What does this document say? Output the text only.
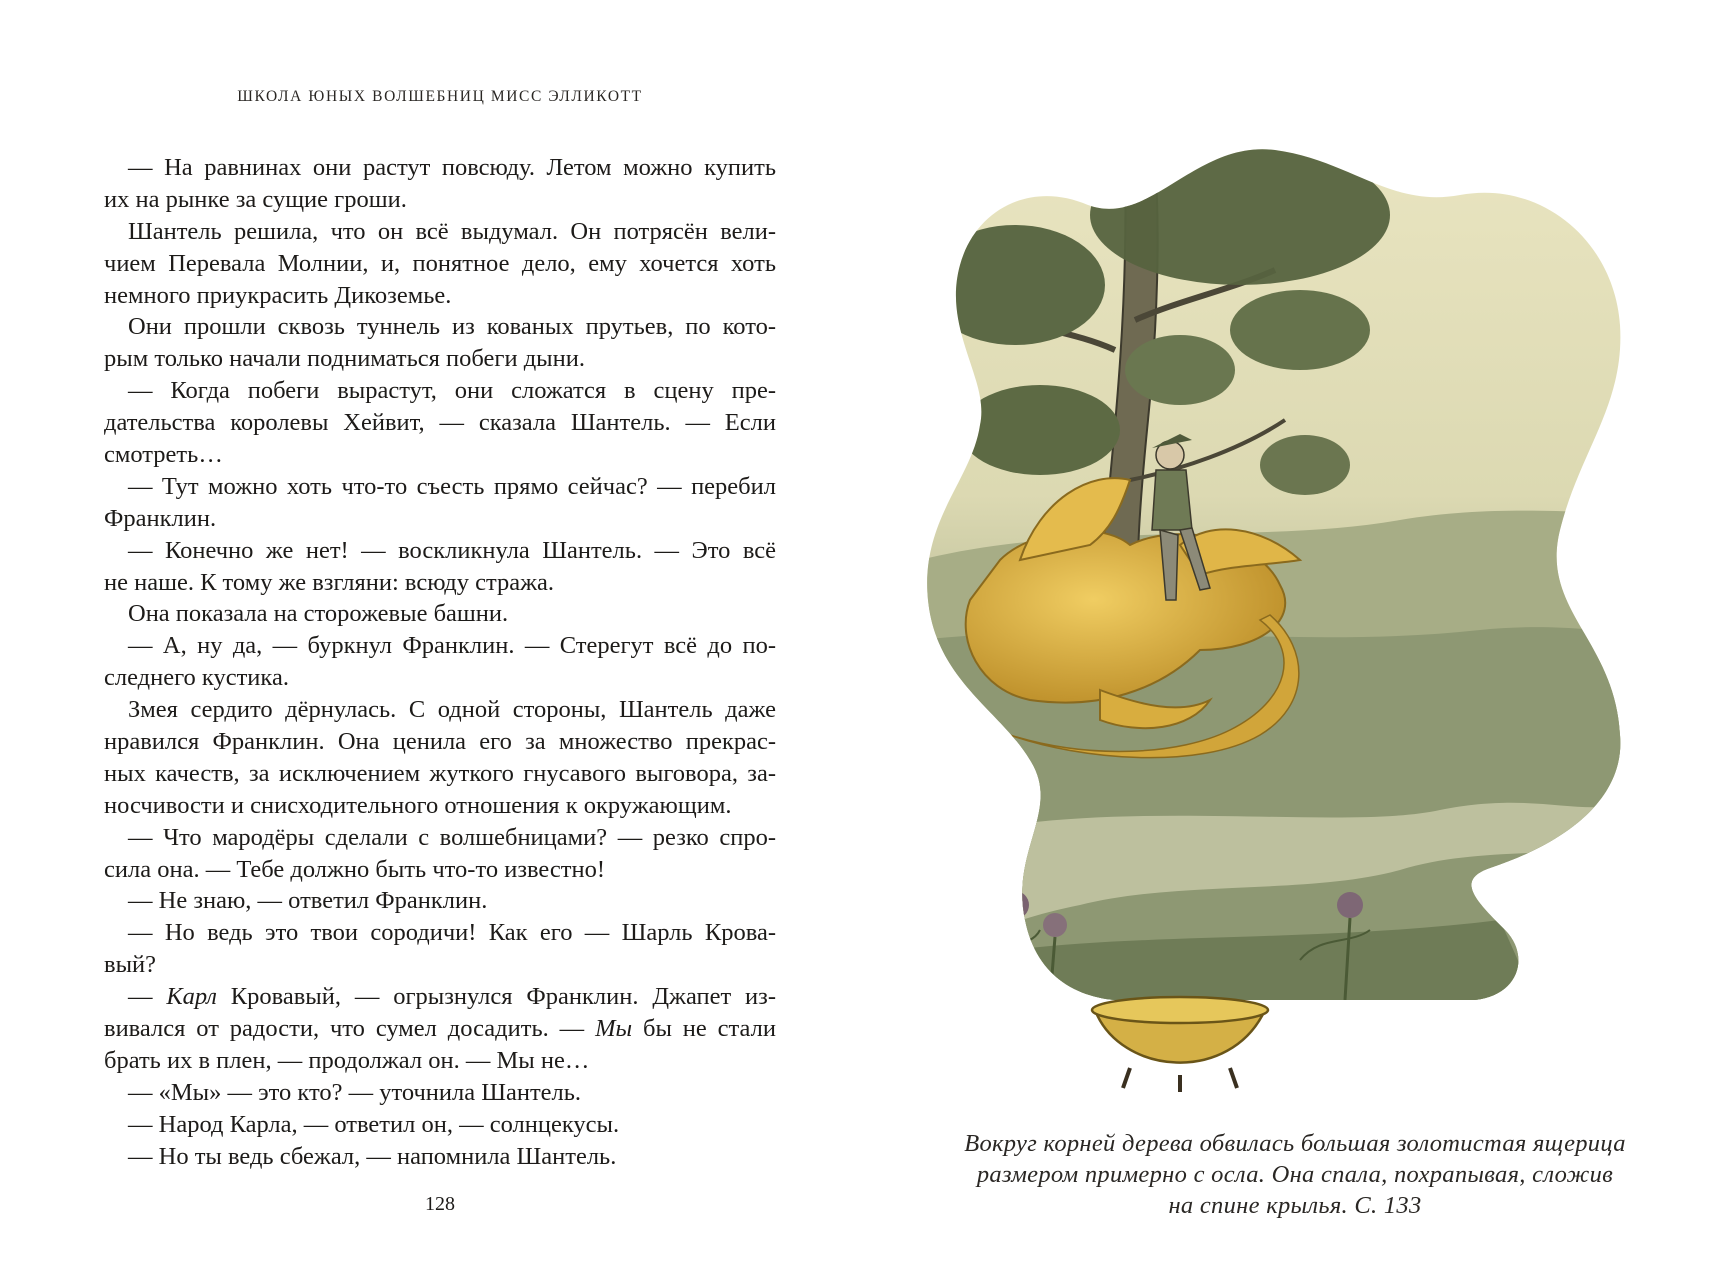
ШКОЛА ЮНЫХ ВОЛШЕБНИЦ МИСС ЭЛЛИКОТТ
— На равнинах они растут повсюду. Летом можно купить
их на рынке за сущие гроши.
Шантель решила, что он всё выдумал. Он потрясён вели-
чием Перевала Молнии, и, понятное дело, ему хочется хоть
немного приукрасить Дикоземье.
Они прошли сквозь туннель из кованых прутьев, по кото-
рым только начали подниматься побеги дыни.
— Когда побеги вырастут, они сложатся в сцену пре-
дательства королевы Хейвит, — сказала Шантель. — Если
смотреть…
— Тут можно хоть что-то съесть прямо сейчас? — перебил
Франклин.
— Конечно же нет! — воскликнула Шантель. — Это всё
не наше. К тому же взгляни: всюду стража.
Она показала на сторожевые башни.
— А, ну да, — буркнул Франклин. — Стерегут всё до по-
следнего кустика.
Змея сердито дёрнулась. С одной стороны, Шантель даже
нравился Франклин. Она ценила его за множество прекрас-
ных качеств, за исключением жуткого гнусавого выговора, за-
носчивости и снисходительного отношения к окружающим.
— Что мародёры сделали с волшебницами? — резко спро-
сила она. — Тебе должно быть что-то известно!
— Не знаю, — ответил Франклин.
— Но ведь это твои сородичи! Как его — Шарль Крова-
вый?
— Карл Кровавый, — огрызнулся Франклин. Джапет из-
вивался от радости, что сумел досадить. — Мы бы не стали
брать их в плен, — продолжал он. — Мы не…
— «Мы» — это кто? — уточнила Шантель.
— Народ Карла, — ответил он, — солнцекусы.
— Но ты ведь сбежал, — напомнила Шантель.
128
Вокруг корней дерева обвилась большая золотистая ящерица
размером примерно с осла. Она спала, похрапывая, сложив
на спине крылья. С. 133
